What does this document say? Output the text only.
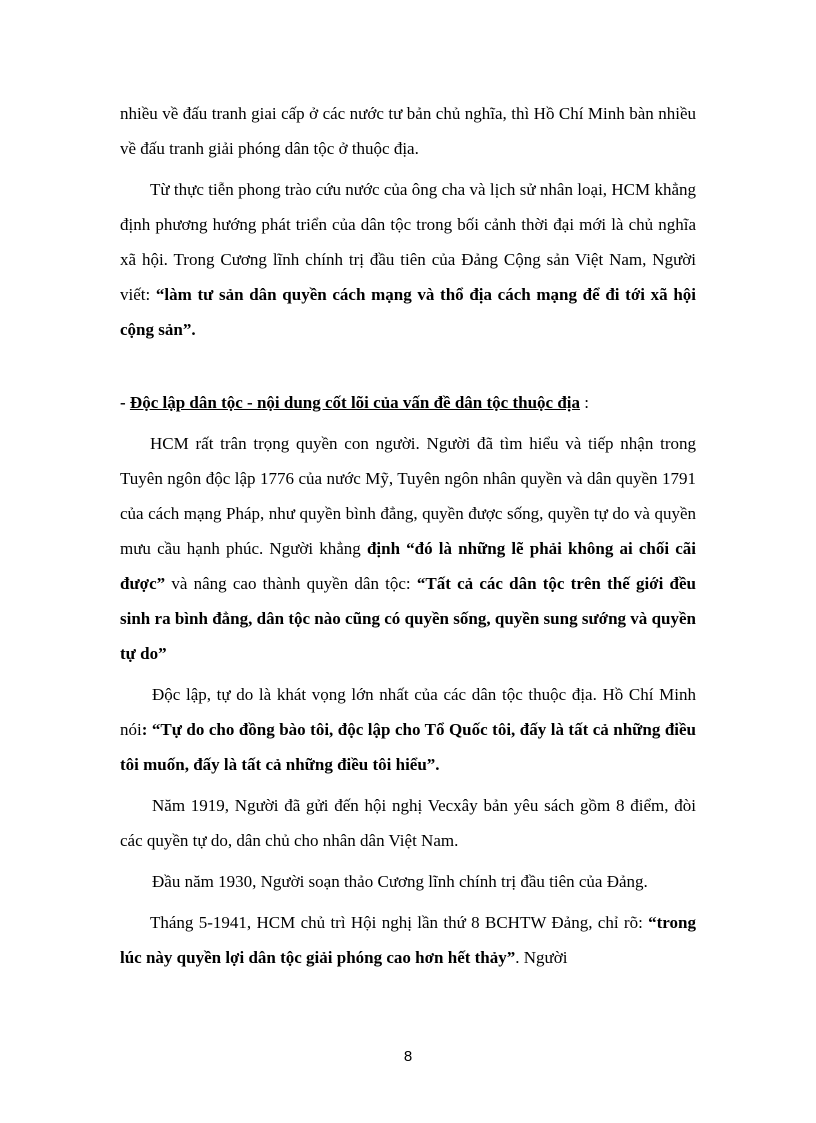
nhiều về đấu tranh giai cấp ở các nước tư bản chủ nghĩa, thì Hồ Chí Minh bàn nhiều về đấu tranh giải phóng dân tộc ở thuộc địa.

Từ thực tiễn phong trào cứu nước của ông cha và lịch sử nhân loại, HCM khẳng định phương hướng phát triển của dân tộc trong bối cảnh thời đại mới là chủ nghĩa xã hội. Trong Cương lĩnh chính trị đầu tiên của Đảng Cộng sản Việt Nam, Người viết: “làm tư sản dân quyền cách mạng và thổ địa cách mạng để đi tới xã hội cộng sản”.

- Độc lập dân tộc - nội dung cốt lõi của vấn đề dân tộc thuộc địa :

HCM rất trân trọng quyền con người. Người đã tìm hiểu và tiếp nhận trong Tuyên ngôn độc lập 1776 của nước Mỹ, Tuyên ngôn nhân quyền và dân quyền 1791 của cách mạng Pháp, như quyền bình đẳng, quyền được sống, quyền tự do và quyền mưu cầu hạnh phúc. Người khẳng định “đó là những lẽ phải không ai chối cãi được” và nâng cao thành quyền dân tộc: “Tất cả các dân tộc trên thế giới đều sinh ra bình đẳng, dân tộc nào cũng có quyền sống, quyền sung sướng và quyền tự do”

Độc lập, tự do là khát vọng lớn nhất của các dân tộc thuộc địa. Hồ Chí Minh nói: “Tự do cho đồng bào tôi, độc lập cho Tổ Quốc tôi, đấy là tất cả những điều tôi muốn, đấy là tất cả những điều tôi hiểu”.

Năm 1919, Người đã gửi đến hội nghị Vecxây bản yêu sách gồm 8 điểm, đòi các quyền tự do, dân chủ cho nhân dân Việt Nam.

Đầu năm 1930, Người soạn thảo Cương lĩnh chính trị đầu tiên của Đảng.

Tháng 5-1941, HCM chủ trì Hội nghị lần thứ 8 BCHTW Đảng, chỉ rõ: “trong lúc này quyền lợi dân tộc giải phóng cao hơn hết thảy”. Người

8
